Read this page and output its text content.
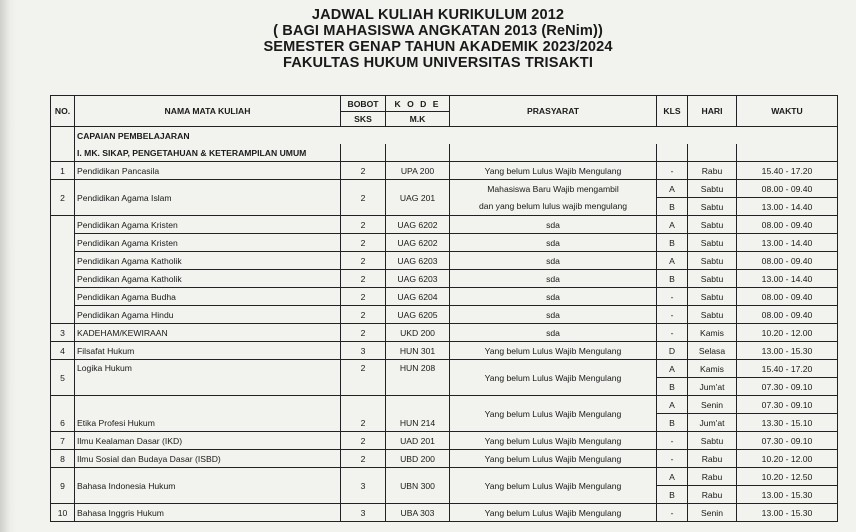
JADWAL KULIAH KURIKULUM 2012
( BAGI MAHASISWA ANGKATAN 2013 (ReNim))
SEMESTER GENAP TAHUN AKADEMIK 2023/2024
FAKULTAS HUKUM UNIVERSITAS TRISAKTI
NO.	NAMA MATA KULIAH	BOBOT	K O D E	PRASYARAT	KLS	HARI	WAKTU
		SKS	M.K				
	CAPAIAN PEMBELAJARAN						
	I. MK. SIKAP, PENGETAHUAN & KETERAMPILAN UMUM						
1	Pendidikan Pancasila	2	UPA 200	Yang belum Lulus Wajib Mengulang	-	Rabu	15.40 - 17.20
2	Pendidikan Agama Islam	2	UAG 201	Mahasiswa Baru Wajib mengambil	A	Sabtu	08.00 - 09.40
				dan yang belum lulus wajib mengulang	B	Sabtu	13.00 - 14.40
	Pendidikan Agama Kristen	2	UAG 6202	sda	A	Sabtu	08.00 - 09.40
	Pendidikan Agama Kristen	2	UAG 6202	sda	B	Sabtu	13.00 - 14.40
	Pendidikan Agama Katholik	2	UAG 6203	sda	A	Sabtu	08.00 - 09.40
	Pendidikan Agama Katholik	2	UAG 6203	sda	B	Sabtu	13.00 - 14.40
	Pendidikan Agama Budha	2	UAG 6204	sda	-	Sabtu	08.00 - 09.40
	Pendidikan Agama Hindu	2	UAG 6205	sda	-	Sabtu	08.00 - 09.40
3	KADEHAM/KEWIRAAN	2	UKD 200	sda	-	Kamis	10.20 - 12.00
4	Filsafat Hukum	3	HUN 301	Yang belum Lulus Wajib Mengulang	D	Selasa	13.00 - 15.30
5	Logika Hukum	2	HUN 208	Yang belum Lulus Wajib Mengulang	A	Kamis	15.40 - 17.20
					B	Jum'at	07.30 - 09.10
6	Etika Profesi Hukum	2	HUN 214	Yang belum Lulus Wajib Mengulang	A	Senin	07.30 - 09.10
					B	Jum'at	13.30 - 15.10
7	Ilmu Kealaman Dasar (IKD)	2	UAD 201	Yang belum Lulus Wajib Mengulang	-	Sabtu	07.30 - 09.10
8	Ilmu Sosial dan Budaya Dasar (ISBD)	2	UBD 200	Yang belum Lulus Wajib Mengulang	-	Rabu	10.20 - 12.00
9	Bahasa Indonesia Hukum	3	UBN 300	Yang belum Lulus Wajib Mengulang	A	Rabu	10.20 - 12.50
					B	Rabu	13.00 - 15.30
10	Bahasa Inggris Hukum	3	UBA 303	Yang belum Lulus Wajib Mengulang	-	Senin	13.00 - 15.30
